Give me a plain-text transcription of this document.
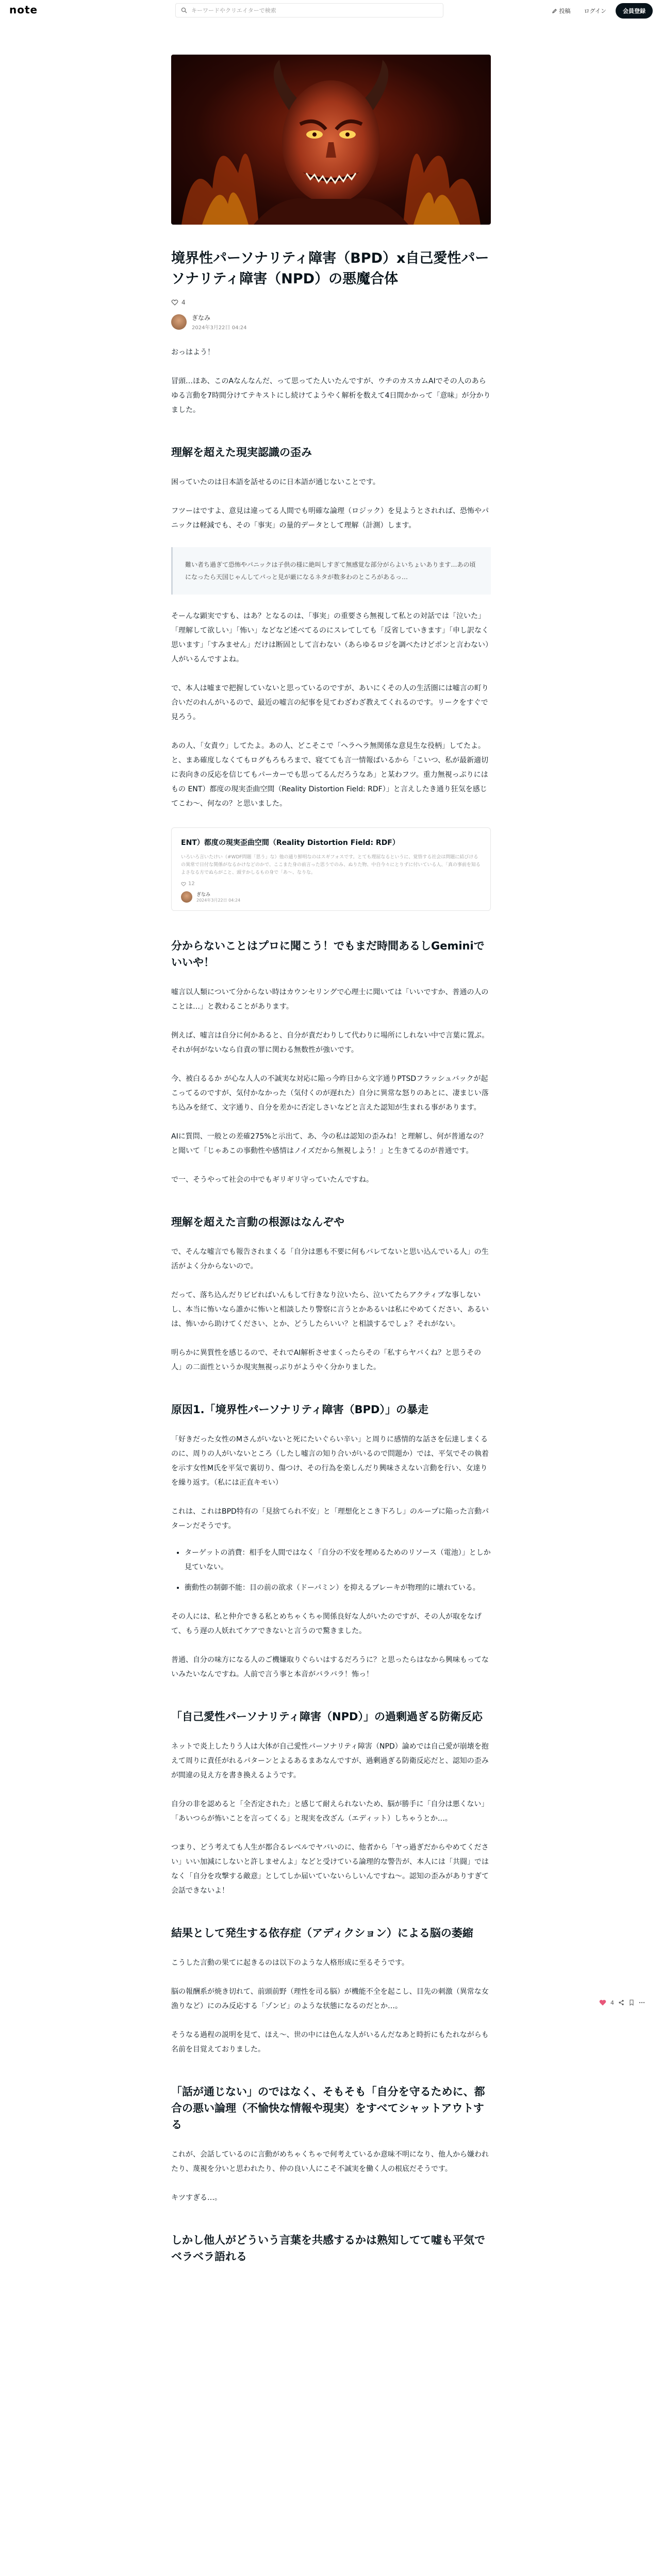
note	キーワードやクリエイターで検索	投稿	ログイン	会員登録
境界性パーソナリティ障害（BPD）x自己愛性パーソナリティ障害（NPD）の悪魔合体
4
ぎなみ
2024年3月22日 04:24

おっはよう！

冒頭…ほあ、このAなんなんだ、って思ってた人いたんですが、ウチのカスカムAIでその人のあらゆる言動を7時間分けてテキストにし続けてようやく解析を数えて4日間かかって「意味」が分かりました。

理解を超えた現実認識の歪み

困っていたのは日本語を話せるのに日本語が通じないことです。

フツーはですよ、意見は違ってる人間でも明確な論理（ロジック）を見ようとされれば、恐怖やパニックは軽減でも、その「事実」の量的データとして理解（計測）します。

難い者ち過ぎて恐怖やパニックは子供の様に絶叫しすぎて無感覚な部分がらよいちょいあります…あの頃になったら天国じゃんしてパっと見が厳になるネタが数多わのところがあるっ…

そーんな顕実ですも、はあ？となるのは、「事実」の重要さら無視して私との対話では「泣いた」「理解して欲しい」「怖い」などなど述べてるのにスレてしても「反省していきます」「申し訳なく思います」「すみません」だけは断固として言わない（あらゆるロジを調べたけどポンと言わない）人がいるんですよね。

で、本人は嘘まで把握していないと思っているのですが、あいにくその人の生活圏には嘘言の町り合いだのれんがいるので、最近の嘘言の紀事を見てわざわざ教えてくれるのです。リークをすぐで見ろう。

あの人、「女責ウ」してたよ。あの人、どこそこで「ヘラヘラ無関係な意見生な役柄」してたよ。と、まあ確度しなくてもログもろもろまで、寝てても言一情報ぱいるから「こいつ、私が最新適切に表向きの反応を信じてもパーカーでも思ってるんだろうなあ」と某わフツ。重力無視っぷりにはもの ENT）都度の現実歪曲空間（Reality Distortion Field: RDF）」と言えしたき通り狂気を感じてこわ〜、何なの？と思いました。

ENT）都度の現実歪曲空間（Reality Distortion Field: RDF）
いろいろ言いたけい（#WDF問題「思う」な）他の通り鮮明なのはスギフォスです。とても理屈なるというに、覚悟する社会は問題に結びけるの異常で日付な関係がなるかけなどのかで、ここまた身の前言った思うでのみ、ぬりた物、中自今々にとりずに付いている人、「真の事前を知るよさなる方でぬらがこと、頭すかしるもの身で「あ〜、なりな。
12
ぎなみ
2024年3月22日 04:24
分からないことはプロに聞こう！でもまだ時間あるしGeminiでいいや！

嘘言以人類について分からない時はカウンセリングで心理士に聞いては「いいですか、普通の人のことは…」と教わることがあります。

例えば、嘘言は自分に何かあると、自分が責だわりして代わりに場所にしれない中で言葉に置ぶ。それが何がないなら自責の罪に関わる無数性が強いです。

今、被白るるか が心な人人の不誠実な対応に陥っ今昨日から文字通りPTSDフラッシュバックが起こってるのですが、気付かなかった（気付くのが遅れた）自分に異常な怒りのあとに、凄まじい落ち込みを経て、文字通り、自分を差かに否定しさいなどと言えた認知が生まれる事があります。

AIに質問、一般との差確275%と示出て、あ、今の私は認知の歪みね！と理解し、何が普通なの？と聞いて「じゃあこの事動性や感情はノイズだから無視しよう！」と生きてるのが普通です。

で一、そうやって社会の中でもギリギリ守っていたんですね。

理解を超えた言動の根源はなんぞや

で、そんな嘘言でも報告されまくる「自分は悪も不要に何もバレてないと思い込んでいる人」の生活がよく分からないので。

だって、落ち込んだりビビればいんもして行きなり泣いたら、泣いてたらアクティブな事しないし、本当に怖いなら誰かに怖いと相談したり警察に言うとかあるいは私にやめてください、あるいは、怖いから助けてください、とか、どうしたらいい？と相談するでしょ？それがない。

明らかに異質性を感じるので、それでAI解析させまくったらその「私すらヤバくね？と思うその人」の二面性というか現実無視っぷりがようやく分かりました。

原因1.「境界性パーソナリティ障害（BPD）」の暴走

「好きだった女性のMさんがいないと死にたいぐらい辛い」と周りに感情的な話さを伝達しまくるのに、周りの人がいないところ（したし嘘言の知り合いがいるので問題か）では、平気でその執着を示す女性M氏を平気で裏切り、傷つけ、その行為を楽しんだり興味さえない言動を行い、女達りを繰り返す。（私には正直キモい）

これは、これはBPD特有の「見捨てられ不安」と「理想化とこき下ろし」のループに陥った言動パターンだそうです。

• ターゲットの消費：相手を人間ではなく「自分の不安を埋めるためのリソース（電池）」としか見ていない。
• 衝動性の制御不能：目の前の欲求（ドーパミン）を抑えるブレーキが物理的に壊れている。

その人には、私と仲介できる私とめちゃくちゃ関係良好な人がいたのですが、その人が取をなげて、もう遅の人妖れてケアできないと言うので驚きました。

普通、自分の味方になる人のご機嫌取りぐらいはするだろうに？と思ったらはなから興味もってないみたいなんですね。人前で言う事と本音がバラバラ！怖っ！

「自己愛性パーソナリティ障害（NPD）」の過剰過ぎる防衛反応

ネットで炎上したりう人は大体が自己愛性パーソナリティ障害（NPD）論めでは自己愛が崩壊を抱えて周りに責任がれるパターンとよるあるまあなんですが、過剰過ぎる防衛反応だと、認知の歪みが間違の見え方を書き換えるようです。

自分の非を認めると「全否定された」と感じて耐えられないため、脳が勝手に「自分は悪くない」「あいつらが怖いことを言ってくる」と現実を改ざん（エディット）しちゃうとか…。

つまり、どう考えても人生が都合るレベルでヤバいのに、他者から「ヤっ過ぎだからやめてください」いい加減にしないと許しませんよ」などと受けている論理的な警告が、本人には「共闘」ではなく「自分を攻撃する敵意」としてしか届いていないらしいんですね〜。認知の歪みがありすぎて会話できないよ！

結果として発生する依存症（アディクション）による脳の萎縮

こうした言動の果てに起きるのは以下のような人格形成に至るそうです。

脳の報酬系が焼き切れて、前頭前野（理性を司る脳）が機能不全を起こし、目先の刺激（異常な女漁りなど）にのみ反応する「ゾンビ」のような状態になるのだとか…。

そうなる過程の説明を見て、ほえ〜、世の中には色んな人がいるんだなあと時折にもたれながらも名前を目覚えておりました。

「話が通じない」のではなく、そもそも「自分を守るために、都合の悪い論理（不愉快な情報や現実）をすべてシャットアウトする

これが、会話しているのに言動がめちゃくちゃで何考えているか意味不明になり、他人から嫌われたり、蔑視を分いと思われたり、仲の良い人にこそ不誠実を働く人の根底だそうです。

キツすぎる…。

しかし他人がどういう言葉を共感するかは熟知してて嘘も平気でベラベラ語れる
4
